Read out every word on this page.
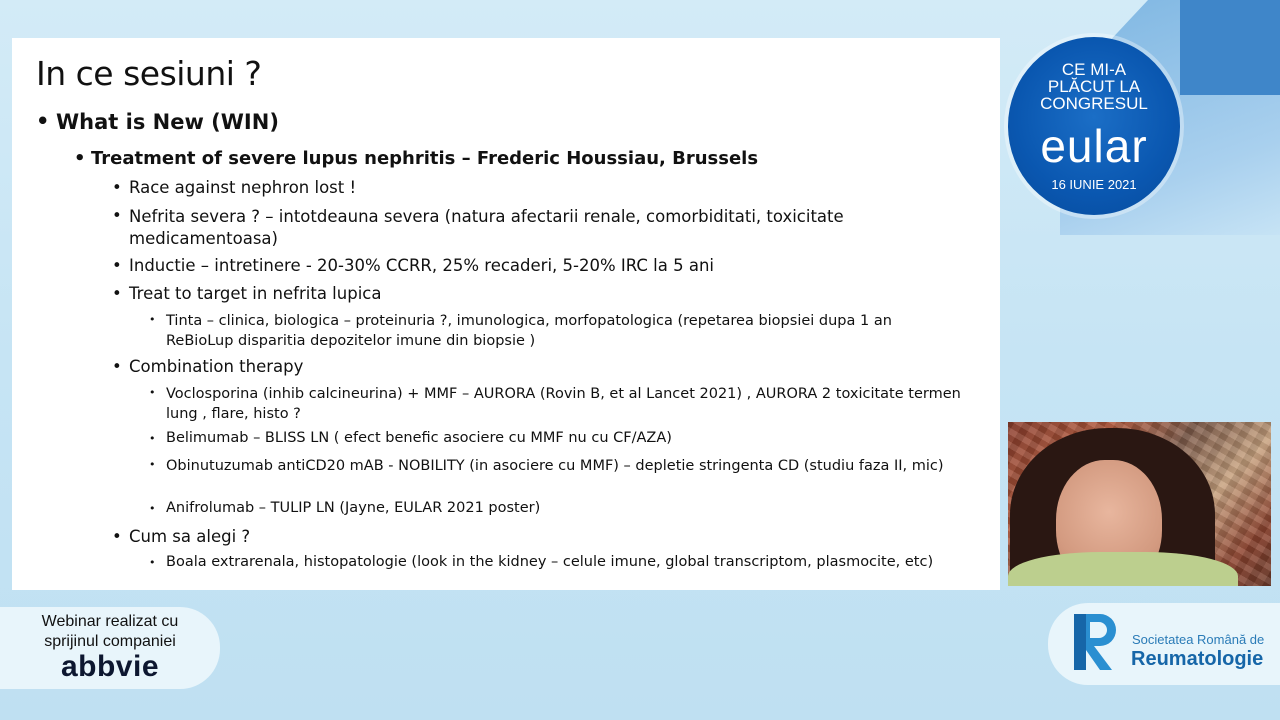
In ce sesiuni ?
• What is New (WIN)
• Treatment of severe lupus nephritis – Frederic Houssiau, Brussels
• Race against nephron lost !
• Nefrita severa ? – intotdeauna severa (natura afectarii renale, comorbiditati, toxicitate medicamentoasa)
• Inductie – intretinere - 20-30% CCRR, 25% recaderi, 5-20% IRC la 5 ani
• Treat to target in nefrita lupica
• Tinta – clinica, biologica – proteinuria ?, imunologica, morfopatologica (repetarea biopsiei dupa 1 an ReBioLup disparitia depozitelor imune din biopsie )
• Combination therapy
• Voclosporina (inhib calcineurina) + MMF – AURORA (Rovin B, et al Lancet 2021) , AURORA 2 toxicitate termen lung , flare, histo ?
• Belimumab – BLISS LN ( efect benefic asociere cu MMF nu cu CF/AZA)
• Obinutuzumab antiCD20 mAB - NOBILITY (in asociere cu MMF) – depletie stringenta CD (studiu faza II, mic)
• Anifrolumab – TULIP LN (Jayne, EULAR 2021 poster)
• Cum sa alegi ?
• Boala extrarenala, histopatologie (look in the kidney – celule imune, global transcriptom, plasmocite, etc)
CE MI-A
PLĂCUT LA
CONGRESUL
eular
16 IUNIE 2021
Webinar realizat cu
sprijinul companiei
abbvie
Societatea Română de
Reumatologie
